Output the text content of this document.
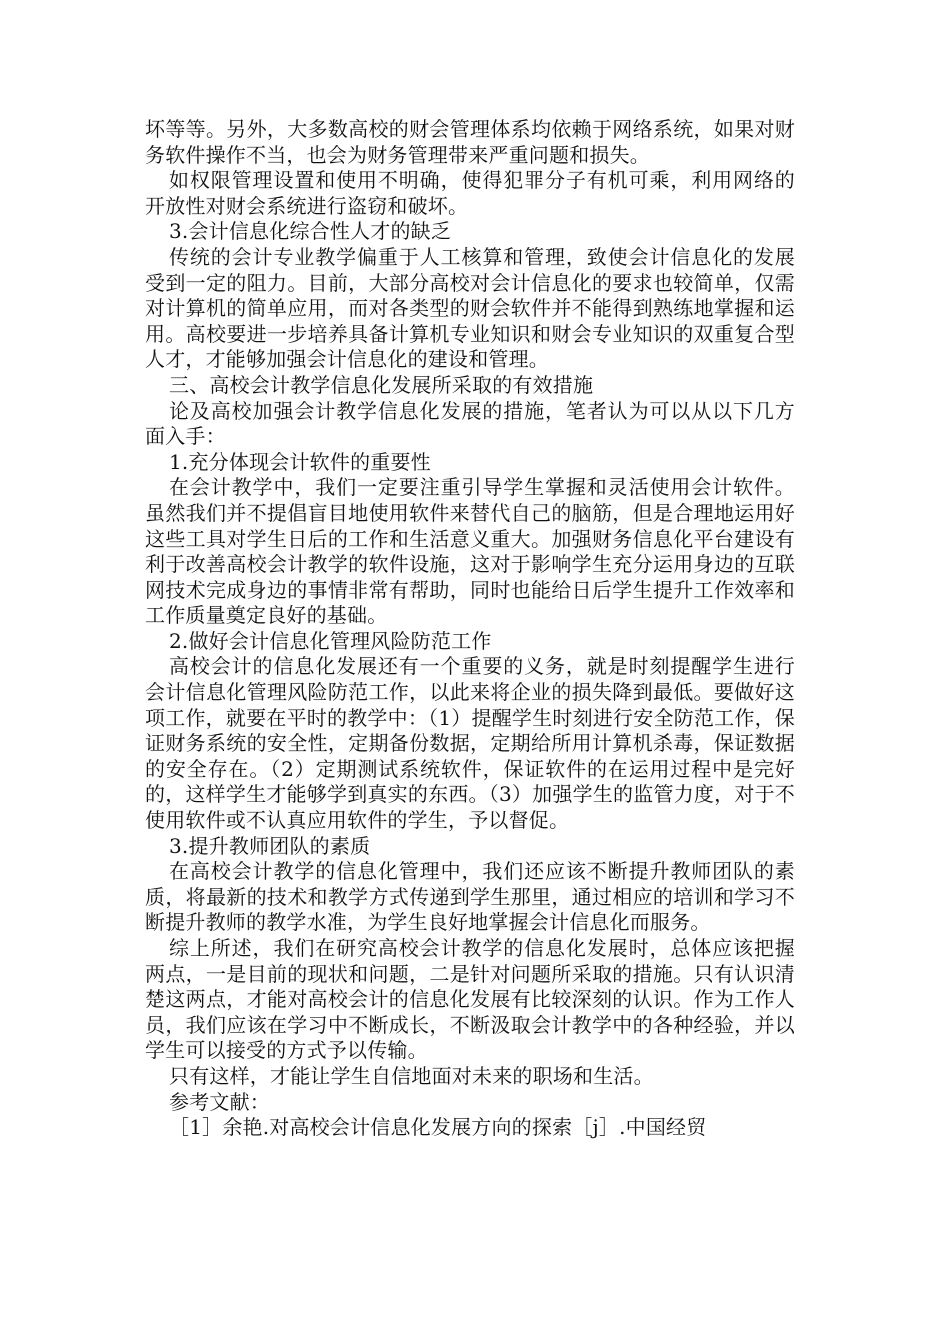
坏等等。另外，大多数高校的财会管理体系均依赖于网络系统，如果对财务软件操作不当，也会为财务管理带来严重问题和损失。

如权限管理设置和使用不明确，使得犯罪分子有机可乘，利用网络的开放性对财会系统进行盗窃和破坏。

3.会计信息化综合性人才的缺乏

传统的会计专业教学偏重于人工核算和管理，致使会计信息化的发展受到一定的阻力。目前，大部分高校对会计信息化的要求也较简单，仅需对计算机的简单应用，而对各类型的财会软件并不能得到熟练地掌握和运用。高校要进一步培养具备计算机专业知识和财会专业知识的双重复合型人才，才能够加强会计信息化的建设和管理。

三、高校会计教学信息化发展所采取的有效措施

论及高校加强会计教学信息化发展的措施，笔者认为可以从以下几方面入手：

1.充分体现会计软件的重要性

在会计教学中，我们一定要注重引导学生掌握和灵活使用会计软件。虽然我们并不提倡盲目地使用软件来替代自己的脑筋，但是合理地运用好这些工具对学生日后的工作和生活意义重大。加强财务信息化平台建设有利于改善高校会计教学的软件设施，这对于影响学生充分运用身边的互联网技术完成身边的事情非常有帮助，同时也能给日后学生提升工作效率和工作质量奠定良好的基础。

2.做好会计信息化管理风险防范工作

高校会计的信息化发展还有一个重要的义务，就是时刻提醒学生进行会计信息化管理风险防范工作，以此来将企业的损失降到最低。要做好这项工作，就要在平时的教学中：（1）提醒学生时刻进行安全防范工作，保证财务系统的安全性，定期备份数据，定期给所用计算机杀毒，保证数据的安全存在。（2）定期测试系统软件，保证软件的在运用过程中是完好的，这样学生才能够学到真实的东西。（3）加强学生的监管力度，对于不使用软件或不认真应用软件的学生，予以督促。

3.提升教师团队的素质

在高校会计教学的信息化管理中，我们还应该不断提升教师团队的素质，将最新的技术和教学方式传递到学生那里，通过相应的培训和学习不断提升教师的教学水准，为学生良好地掌握会计信息化而服务。

综上所述，我们在研究高校会计教学的信息化发展时，总体应该把握两点，一是目前的现状和问题，二是针对问题所采取的措施。只有认识清楚这两点，才能对高校会计的信息化发展有比较深刻的认识。作为工作人员，我们应该在学习中不断成长，不断汲取会计教学中的各种经验，并以学生可以接受的方式予以传输。

只有这样，才能让学生自信地面对未来的职场和生活。

参考文献：

［1］余艳.对高校会计信息化发展方向的探索［j］.中国经贸
